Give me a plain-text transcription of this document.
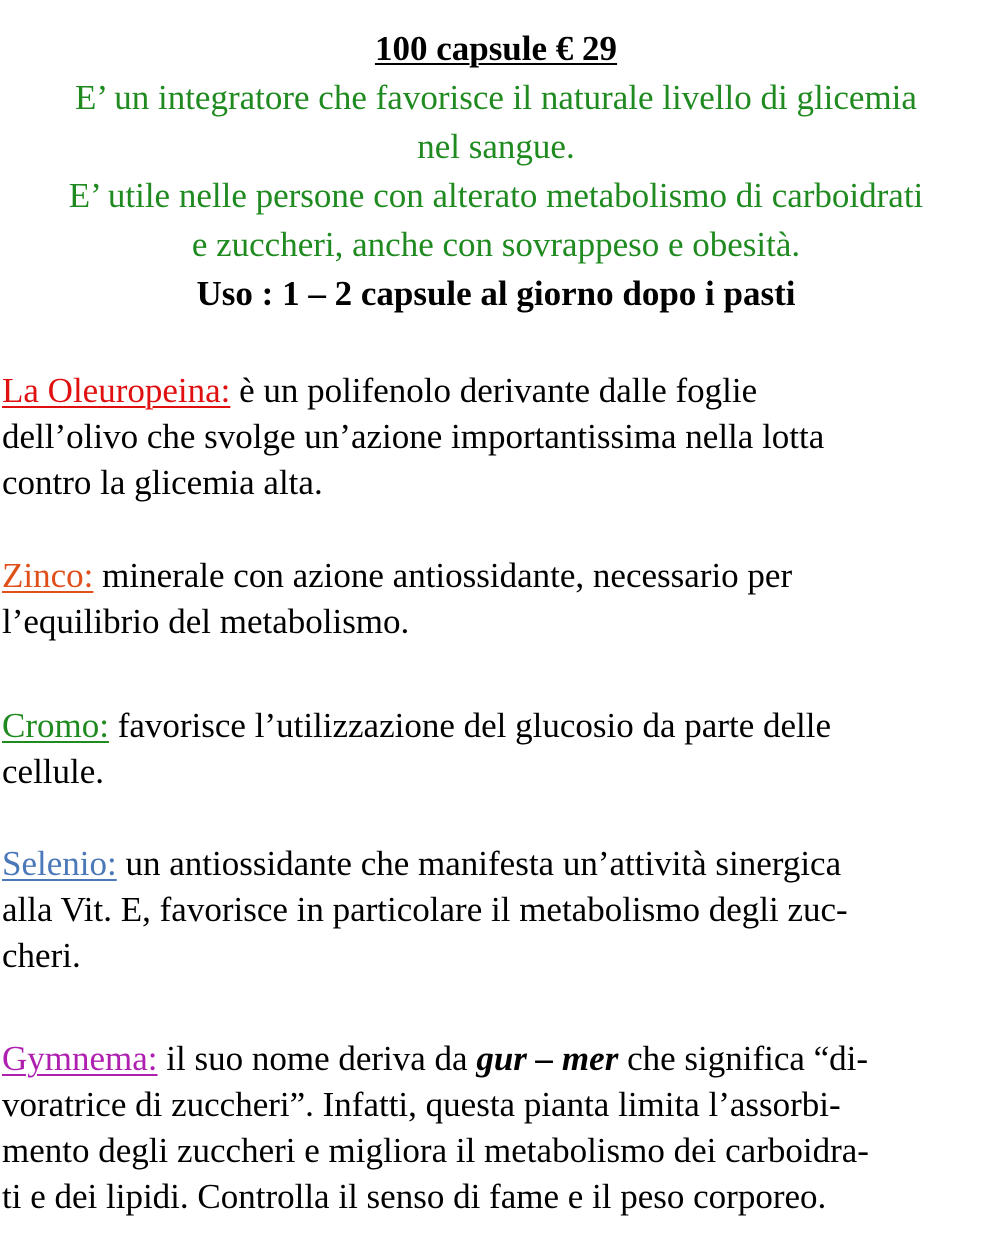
100 capsule € 29
E’ un integratore che favorisce il naturale livello di glicemia
nel sangue.
E’ utile nelle persone con alterato metabolismo di carboidrati
e zuccheri, anche con sovrappeso e obesità.
Uso : 1 – 2 capsule al giorno dopo i pasti
La Oleuropeina: è un polifenolo derivante dalle foglie
dell’olivo che svolge un’azione importantissima nella lotta
contro la glicemia alta.
Zinco: minerale con azione antiossidante, necessario per
l’equilibrio del metabolismo.
Cromo: favorisce l’utilizzazione del glucosio da parte delle
cellule.
Selenio: un antiossidante che manifesta un’attività sinergica
alla Vit. E, favorisce in particolare il metabolismo degli zuc-
cheri.
Gymnema: il suo nome deriva da gur – mer che significa “di-
voratrice di zuccheri”. Infatti, questa pianta limita l’assorbi-
mento degli zuccheri e migliora il metabolismo dei carboidra-
ti e dei lipidi. Controlla il senso di fame e il peso corporeo.
